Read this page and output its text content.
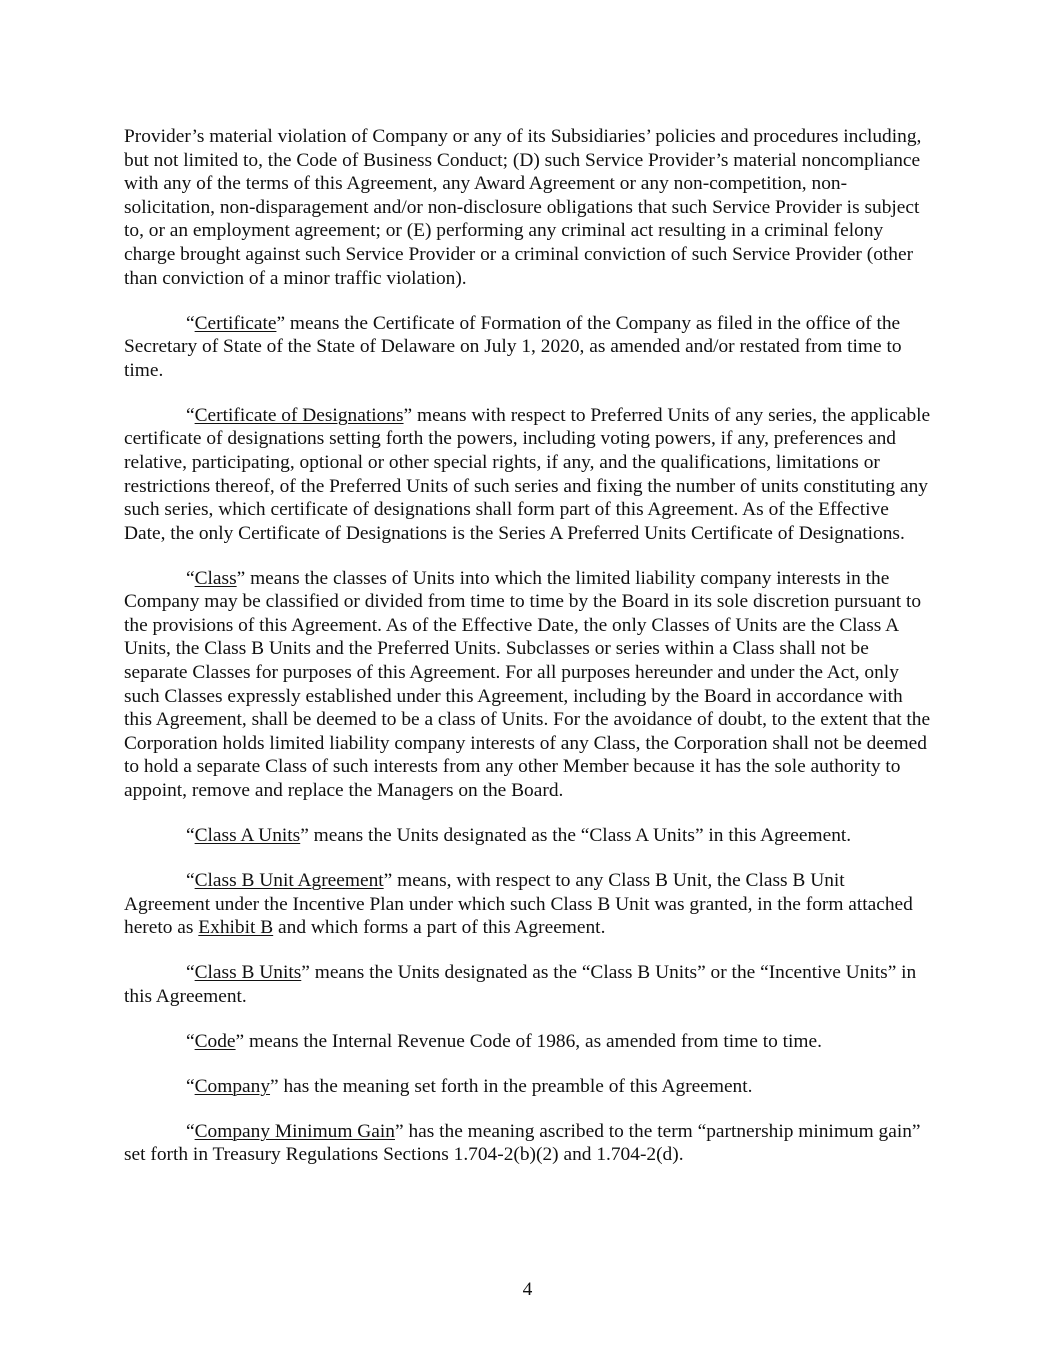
Provider’s material violation of Company or any of its Subsidiaries’ policies and procedures including, but not limited to, the Code of Business Conduct; (D) such Service Provider’s material noncompliance with any of the terms of this Agreement, any Award Agreement or any non-competition, non-solicitation, non-disparagement and/or non-disclosure obligations that such Service Provider is subject to, or an employment agreement; or (E) performing any criminal act resulting in a criminal felony charge brought against such Service Provider or a criminal conviction of such Service Provider (other than conviction of a minor traffic violation).

“Certificate” means the Certificate of Formation of the Company as filed in the office of the Secretary of State of the State of Delaware on July 1, 2020, as amended and/or restated from time to time.

“Certificate of Designations” means with respect to Preferred Units of any series, the applicable certificate of designations setting forth the powers, including voting powers, if any, preferences and relative, participating, optional or other special rights, if any, and the qualifications, limitations or restrictions thereof, of the Preferred Units of such series and fixing the number of units constituting any such series, which certificate of designations shall form part of this Agreement. As of the Effective Date, the only Certificate of Designations is the Series A Preferred Units Certificate of Designations.

“Class” means the classes of Units into which the limited liability company interests in the Company may be classified or divided from time to time by the Board in its sole discretion pursuant to the provisions of this Agreement. As of the Effective Date, the only Classes of Units are the Class A Units, the Class B Units and the Preferred Units. Subclasses or series within a Class shall not be separate Classes for purposes of this Agreement. For all purposes hereunder and under the Act, only such Classes expressly established under this Agreement, including by the Board in accordance with this Agreement, shall be deemed to be a class of Units. For the avoidance of doubt, to the extent that the Corporation holds limited liability company interests of any Class, the Corporation shall not be deemed to hold a separate Class of such interests from any other Member because it has the sole authority to appoint, remove and replace the Managers on the Board.

“Class A Units” means the Units designated as the “Class A Units” in this Agreement.

“Class B Unit Agreement” means, with respect to any Class B Unit, the Class B Unit Agreement under the Incentive Plan under which such Class B Unit was granted, in the form attached hereto as Exhibit B and which forms a part of this Agreement.

“Class B Units” means the Units designated as the “Class B Units” or the “Incentive Units” in this Agreement.

“Code” means the Internal Revenue Code of 1986, as amended from time to time.

“Company” has the meaning set forth in the preamble of this Agreement.

“Company Minimum Gain” has the meaning ascribed to the term “partnership minimum gain” set forth in Treasury Regulations Sections 1.704-2(b)(2) and 1.704-2(d).

4
